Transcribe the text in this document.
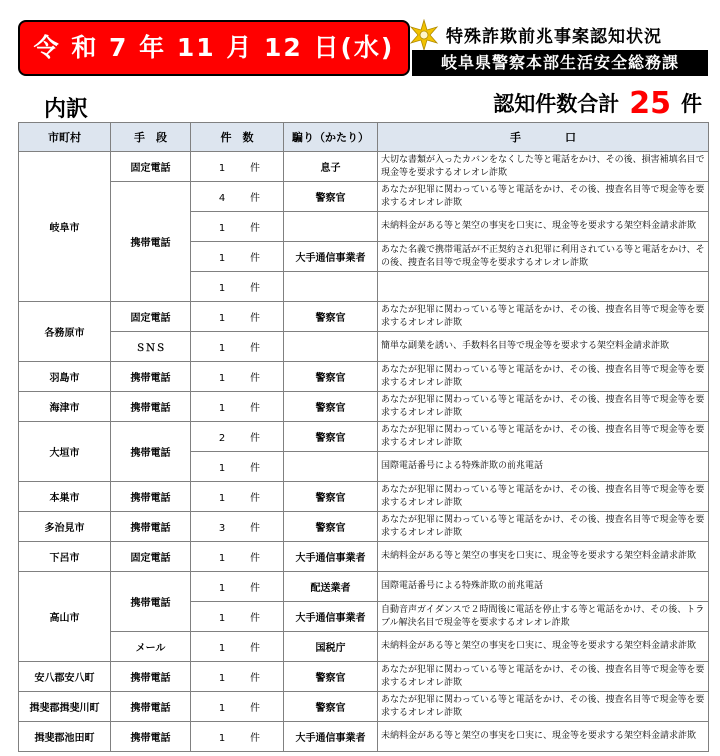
令 和 7 年 11 月 12 日(水)	特殊詐欺前兆事案認知状況
岐阜県警察本部生活安全総務課
内訳	認知件数合計 25 件
市町村	手　段	件　数	騙り（かたり）	手　　　　口
岐阜市	固定電話	1 件	息子	大切な書類が入ったカバンをなくした等と電話をかけ、その後、損害補填名目で現金等を要求するオレオレ詐欺
	携帯電話	4 件	警察官	あなたが犯罪に関わっている等と電話をかけ、その後、捜査名目等で現金等を要求するオレオレ詐欺
		1 件		未納料金がある等と架空の事実を口実に、現金等を要求する架空料金請求詐欺
		1 件	大手通信事業者	あなた名義で携帯電話が不正契約され犯罪に利用されている等と電話をかけ、その後、捜査名目等で現金等を要求するオレオレ詐欺
		1 件		
各務原市	固定電話	1 件	警察官	あなたが犯罪に関わっている等と電話をかけ、その後、捜査名目等で現金等を要求するオレオレ詐欺
	ＳＮＳ	1 件		簡単な副業を誘い、手数料名目等で現金等を要求する架空料金請求詐欺
羽島市	携帯電話	1 件	警察官	あなたが犯罪に関わっている等と電話をかけ、その後、捜査名目等で現金等を要求するオレオレ詐欺
海津市	携帯電話	1 件	警察官	あなたが犯罪に関わっている等と電話をかけ、その後、捜査名目等で現金等を要求するオレオレ詐欺
大垣市	携帯電話	2 件	警察官	あなたが犯罪に関わっている等と電話をかけ、その後、捜査名目等で現金等を要求するオレオレ詐欺
		1 件		国際電話番号による特殊詐欺の前兆電話
本巣市	携帯電話	1 件	警察官	あなたが犯罪に関わっている等と電話をかけ、その後、捜査名目等で現金等を要求するオレオレ詐欺
多治見市	携帯電話	3 件	警察官	あなたが犯罪に関わっている等と電話をかけ、その後、捜査名目等で現金等を要求するオレオレ詐欺
下呂市	固定電話	1 件	大手通信事業者	未納料金がある等と架空の事実を口実に、現金等を要求する架空料金請求詐欺
高山市	携帯電話	1 件	配送業者	国際電話番号による特殊詐欺の前兆電話
		1 件	大手通信事業者	自動音声ガイダンスで２時間後に電話を停止する等と電話をかけ、その後、トラブル解決名目で現金等を要求するオレオレ詐欺
	メール	1 件	国税庁	未納料金がある等と架空の事実を口実に、現金等を要求する架空料金請求詐欺
安八郡安八町	携帯電話	1 件	警察官	あなたが犯罪に関わっている等と電話をかけ、その後、捜査名目等で現金等を要求するオレオレ詐欺
揖斐郡揖斐川町	携帯電話	1 件	警察官	あなたが犯罪に関わっている等と電話をかけ、その後、捜査名目等で現金等を要求するオレオレ詐欺
揖斐郡池田町	携帯電話	1 件	大手通信事業者	未納料金がある等と架空の事実を口実に、現金等を要求する架空料金請求詐欺
